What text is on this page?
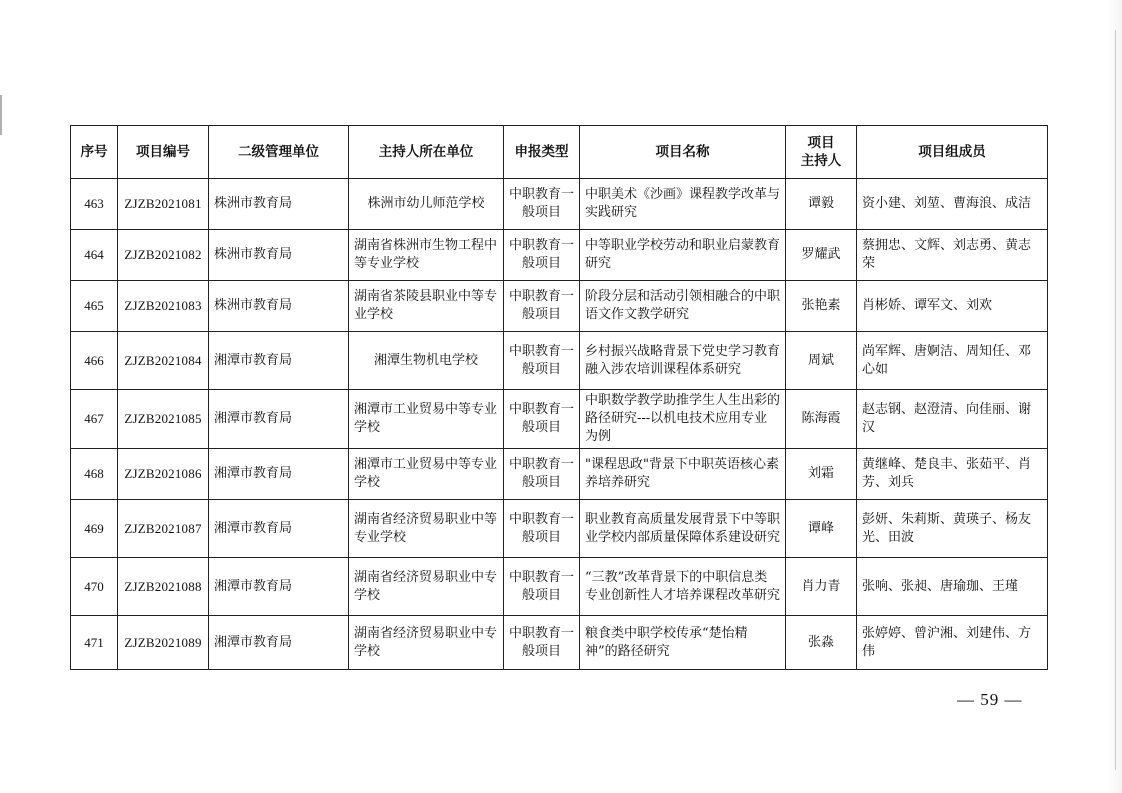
序号	项目编号	二级管理单位	主持人所在单位	申报类型	项目名称	项目
主持人	项目组成员
463	ZJZB2021081	株洲市教育局	株洲市幼儿师范学校	中职教育一般项目	中职美术《沙画》课程教学改革与实践研究	谭毅	资小建、刘堃、曹海浪、成洁
464	ZJZB2021082	株洲市教育局	湖南省株洲市生物工程中等专业学校	中职教育一般项目	中等职业学校劳动和职业启蒙教育研究	罗耀武	蔡拥忠、文辉、刘志勇、黄志荣
465	ZJZB2021083	株洲市教育局	湖南省茶陵县职业中等专业学校	中职教育一般项目	阶段分层和活动引领相融合的中职语文作文教学研究	张艳素	肖彬娇、谭军文、刘欢
466	ZJZB2021084	湘潭市教育局	湘潭生物机电学校	中职教育一般项目	乡村振兴战略背景下党史学习教育融入涉农培训课程体系研究	周斌	尚军辉、唐婀洁、周知任、邓心如
467	ZJZB2021085	湘潭市教育局	湘潭市工业贸易中等专业学校	中职教育一般项目	中职数学教学助推学生人生出彩的路径研究---以机电技术应用专业为例	陈海霞	赵志钢、赵澄清、向佳丽、谢汉
468	ZJZB2021086	湘潭市教育局	湘潭市工业贸易中等专业学校	中职教育一般项目	"课程思政"背景下中职英语核心素养培养研究	刘霜	黄继峰、楚良丰、张茹平、肖芳、刘兵
469	ZJZB2021087	湘潭市教育局	湖南省经济贸易职业中等专业学校	中职教育一般项目	职业教育高质量发展背景下中等职业学校内部质量保障体系建设研究	谭峰	彭妍、朱莉斯、黄瑛子、杨友光、田波
470	ZJZB2021088	湘潭市教育局	湖南省经济贸易职业中专学校	中职教育一般项目	“三教”改革背景下的中职信息类专业创新性人才培养课程改革研究	肖力青	张响、张昶、唐瑜珈、王瑾
471	ZJZB2021089	湘潭市教育局	湖南省经济贸易职业中专学校	中职教育一般项目	粮食类中职学校传承“楚怡精神”的路径研究	张淼	张婷婷、曾沪湘、刘建伟、方伟
— 59 —
